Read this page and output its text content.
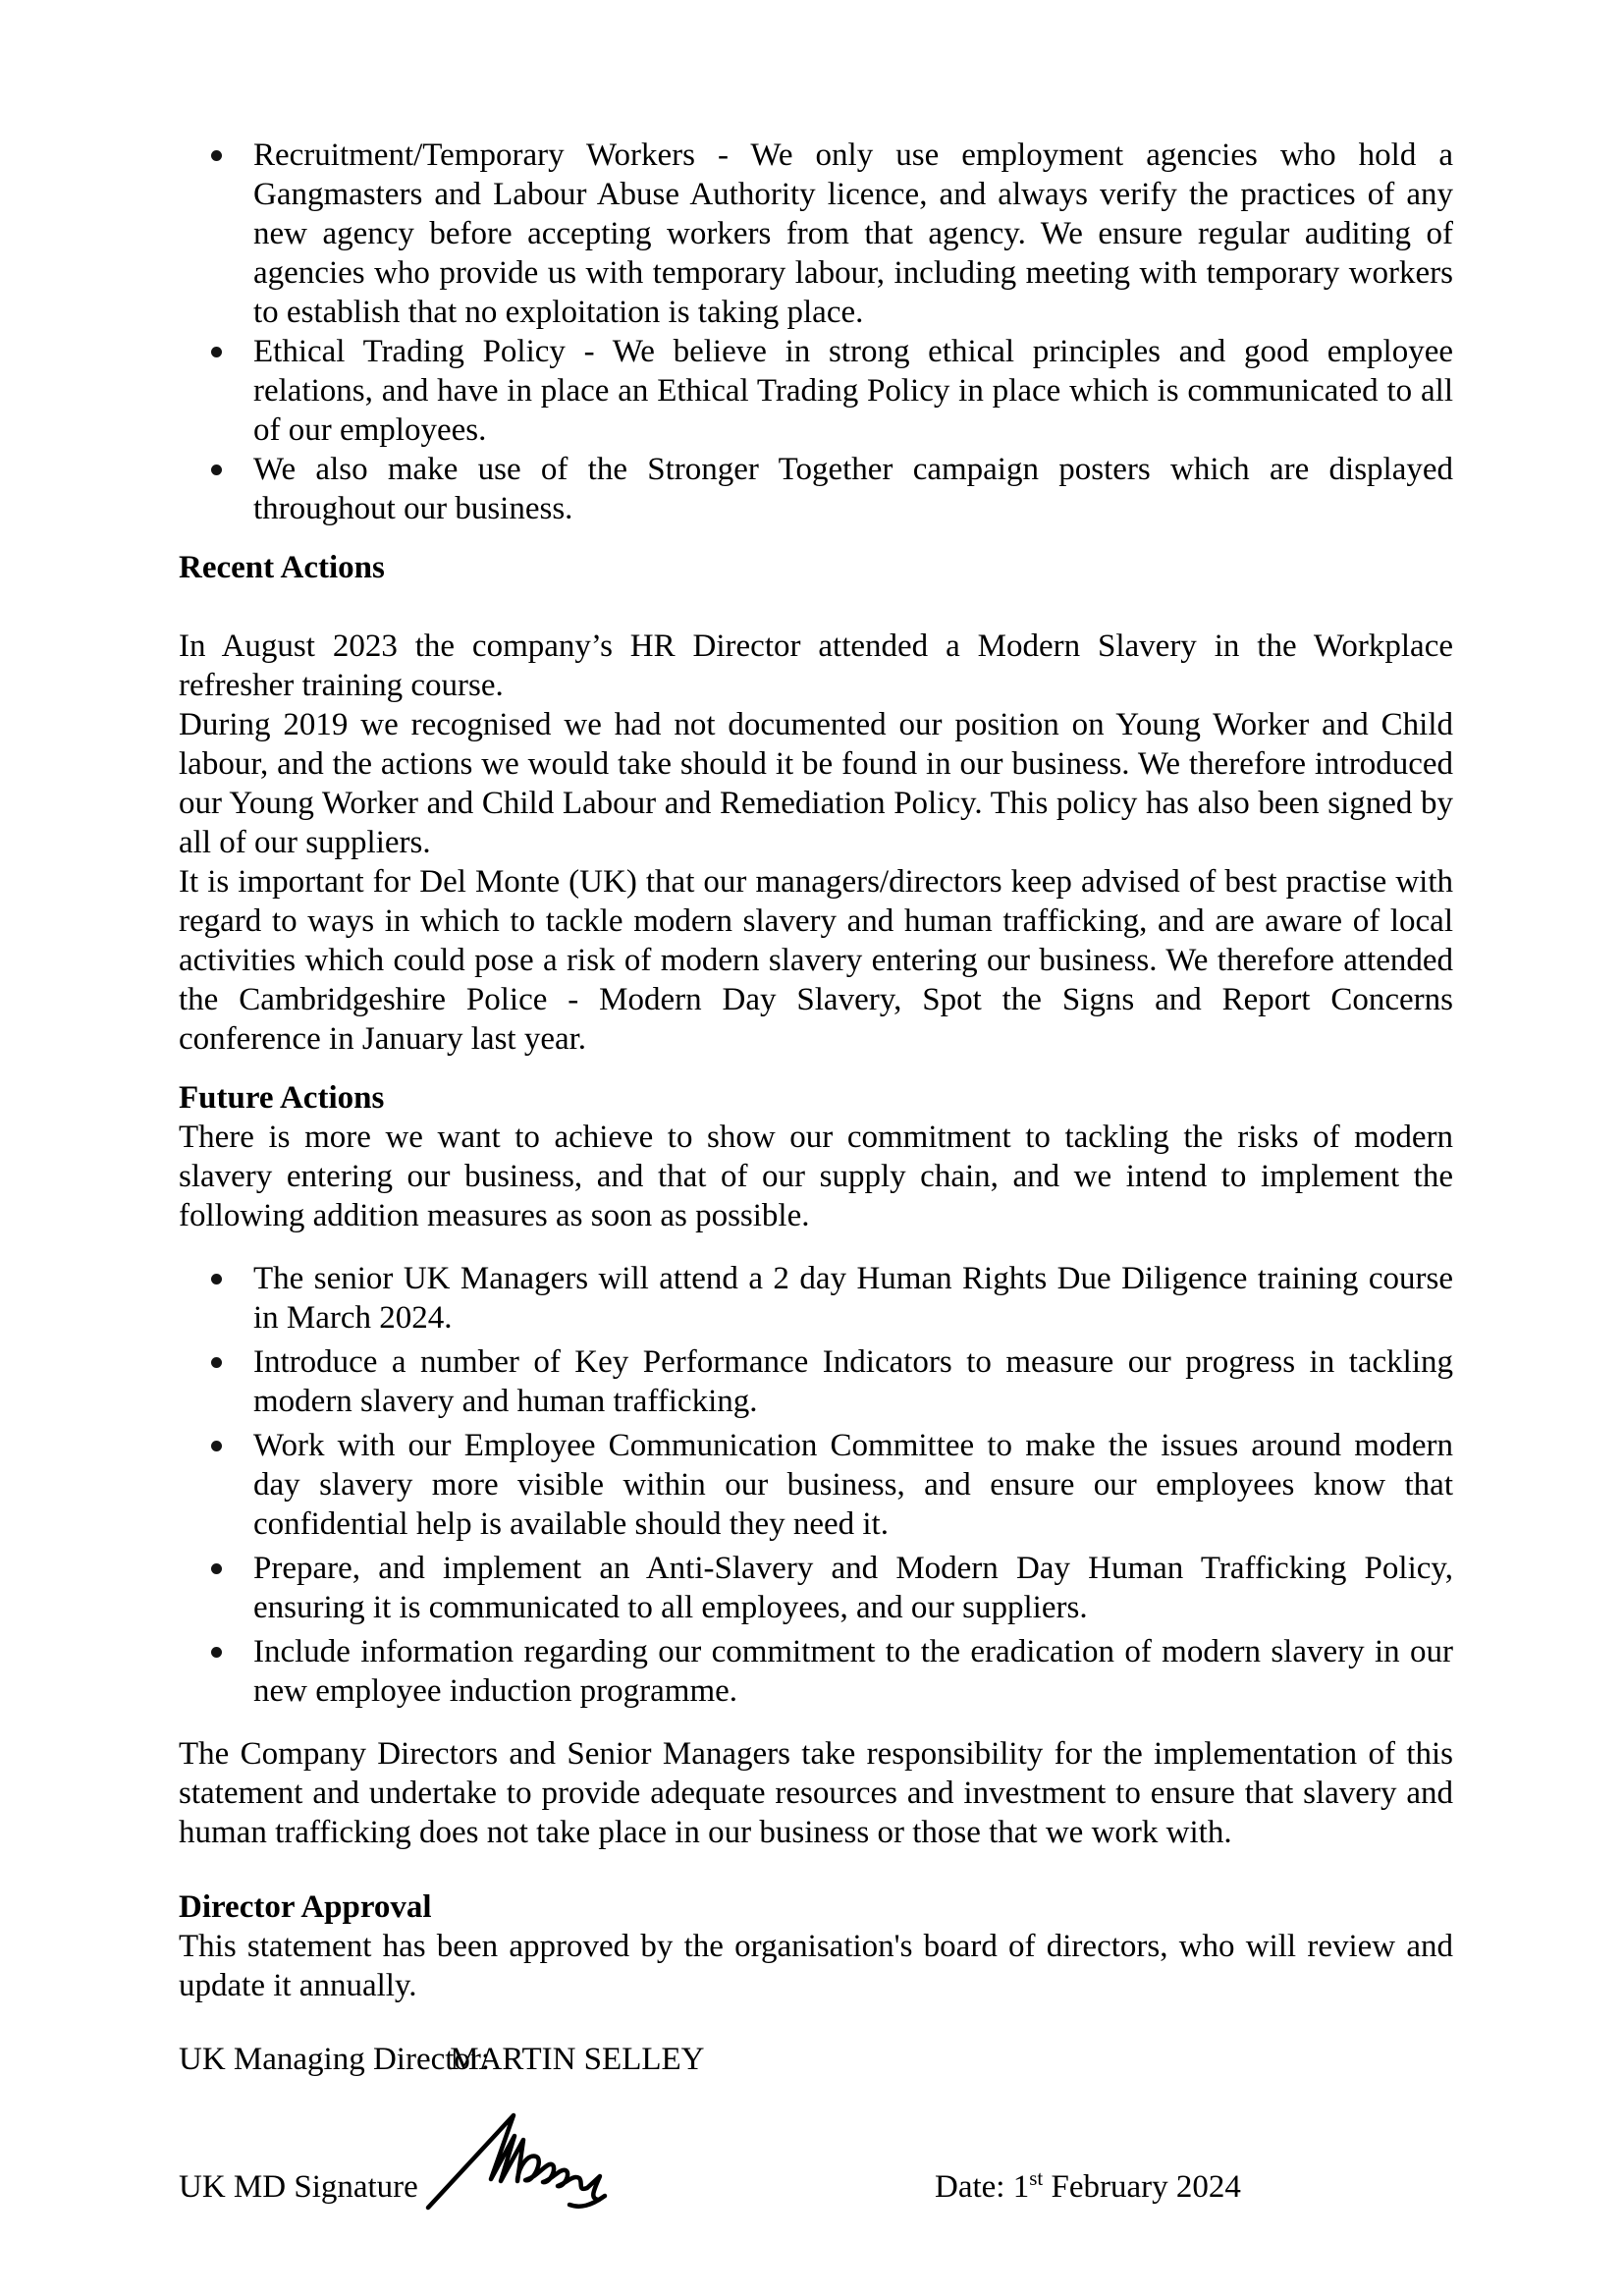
Recruitment/Temporary Workers - We only use employment agencies who hold a Gangmasters and Labour Abuse Authority licence, and always verify the practices of any new agency before accepting workers from that agency. We ensure regular auditing of agencies who provide us with temporary labour, including meeting with temporary workers to establish that no exploitation is taking place.
Ethical Trading Policy - We believe in strong ethical principles and good employee relations, and have in place an Ethical Trading Policy in place which is communicated to all of our employees.
We also make use of the Stronger Together campaign posters which are displayed throughout our business.
Recent Actions

In August 2023 the company’s HR Director attended a Modern Slavery in the Workplace refresher training course.

During 2019 we recognised we had not documented our position on Young Worker and Child labour, and the actions we would take should it be found in our business. We therefore introduced our Young Worker and Child Labour and Remediation Policy. This policy has also been signed by all of our suppliers.

It is important for Del Monte (UK) that our managers/directors keep advised of best practise with regard to ways in which to tackle modern slavery and human trafficking, and are aware of local activities which could pose a risk of modern slavery entering our business. We therefore attended the Cambridgeshire Police - Modern Day Slavery, Spot the Signs and Report Concerns conference in January last year.

Future Actions

There is more we want to achieve to show our commitment to tackling the risks of modern slavery entering our business, and that of our supply chain, and we intend to implement the following addition measures as soon as possible.

The senior UK Managers will attend a 2 day Human Rights Due Diligence training course in March 2024.
Introduce a number of Key Performance Indicators to measure our progress in tackling modern slavery and human trafficking.
Work with our Employee Communication Committee to make the issues around modern day slavery more visible within our business, and ensure our employees know that confidential help is available should they need it.
Prepare, and implement an Anti-Slavery and Modern Day Human Trafficking Policy, ensuring it is communicated to all employees, and our suppliers.
Include information regarding our commitment to the eradication of modern slavery in our new employee induction programme.

The Company Directors and Senior Managers take responsibility for the implementation of this statement and undertake to provide adequate resources and investment to ensure that slavery and human trafficking does not take place in our business or those that we work with.

Director Approval

This statement has been approved by the organisation's board of directors, who will review and update it annually.

UK Managing Director: MARTIN SELLEY
UK MD Signature	Date: 1st February 2024
